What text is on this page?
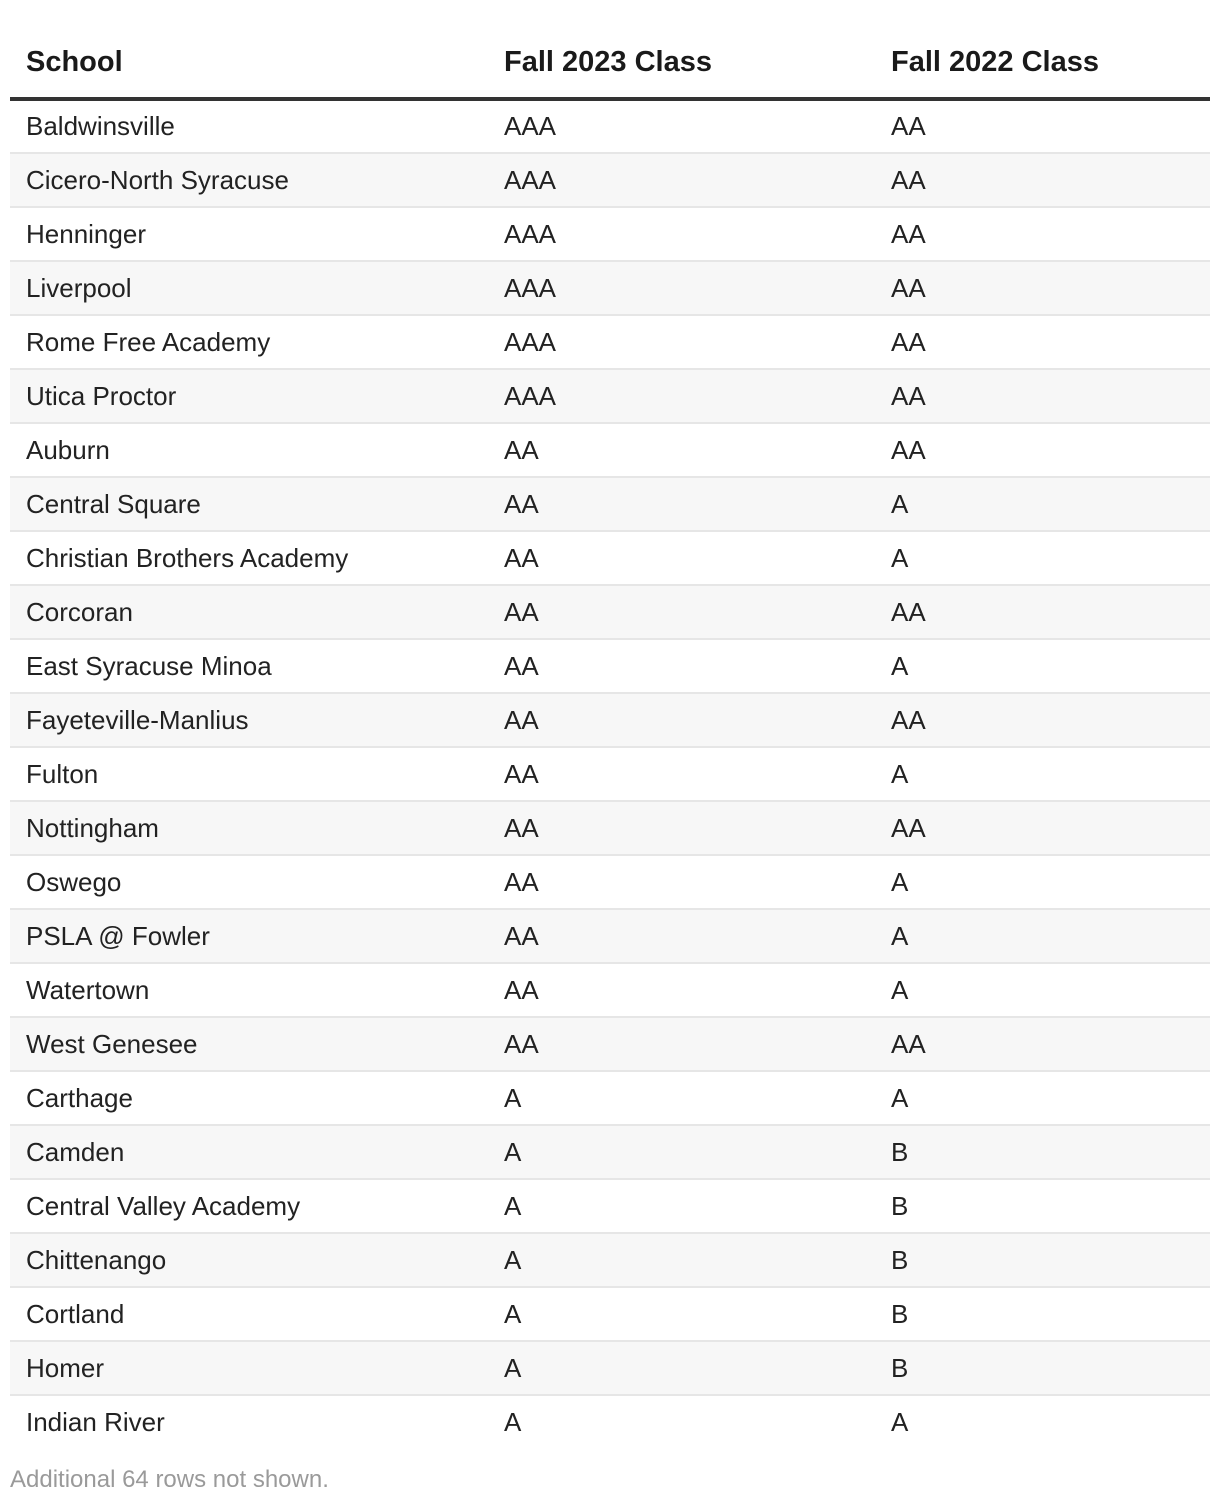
School	Fall 2023 Class	Fall 2022 Class
Baldwinsville	AAA	AA
Cicero-North Syracuse	AAA	AA
Henninger	AAA	AA
Liverpool	AAA	AA
Rome Free Academy	AAA	AA
Utica Proctor	AAA	AA
Auburn	AA	AA
Central Square	AA	A
Christian Brothers Academy	AA	A
Corcoran	AA	AA
East Syracuse Minoa	AA	A
Fayeteville-Manlius	AA	AA
Fulton	AA	A
Nottingham	AA	AA
Oswego	AA	A
PSLA @ Fowler	AA	A
Watertown	AA	A
West Genesee	AA	AA
Carthage	A	A
Camden	A	B
Central Valley Academy	A	B
Chittenango	A	B
Cortland	A	B
Homer	A	B
Indian River	A	A
Additional 64 rows not shown.
